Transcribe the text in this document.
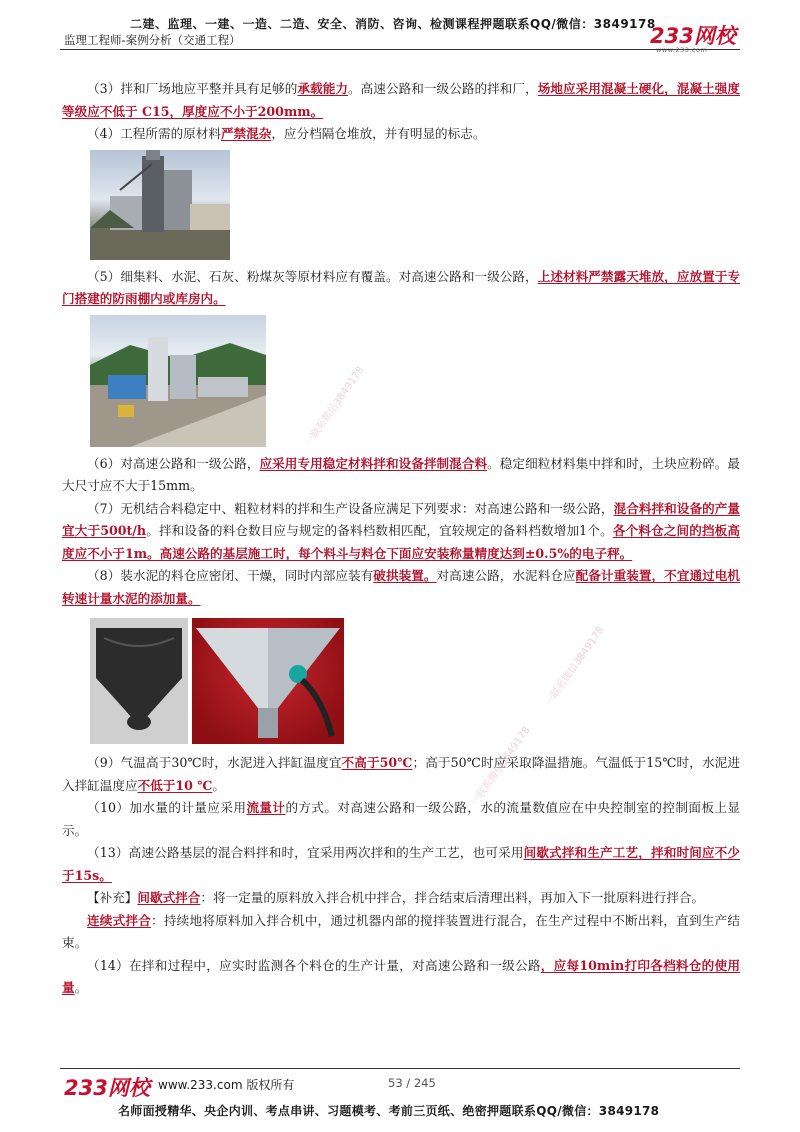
二建、监理、一建、一造、二造、安全、消防、咨询、检测课程押题联系QQ/微信：3849178
监理工程师-案例分析（交通工程）	233网校
www.233.com
一联系微信3849178
一联系微信3849178
一联系微信3849178

（3）拌和厂场地应平整并具有足够的承载能力。高速公路和一级公路的拌和厂，场地应采用混凝土硬化，混凝土强度等级应不低于 C15，厚度应不小于200mm。

（4）工程所需的原材料严禁混杂，应分档隔仓堆放，并有明显的标志。

（5）细集料、水泥、石灰、粉煤灰等原材料应有覆盖。对高速公路和一级公路，上述材料严禁露天堆放，应放置于专门搭建的防雨棚内或库房内。

（6）对高速公路和一级公路，应采用专用稳定材料拌和设备拌制混合料。稳定细粒材料集中拌和时，土块应粉碎。最大尺寸应不大于15mm。

（7）无机结合料稳定中、粗粒材料的拌和生产设备应满足下列要求：对高速公路和一级公路，混合料拌和设备的产量宜大于500t/h。拌和设备的料仓数目应与规定的备料档数相匹配，宜较规定的备料档数增加1个。各个料仓之间的挡板高度应不小于1m。高速公路的基层施工时，每个料斗与料仓下面应安装称量精度达到±0.5%的电子秤。

（8）装水泥的料仓应密闭、干燥，同时内部应装有破拱装置。对高速公路，水泥料仓应配备计重装置，不宜通过电机转速计量水泥的添加量。

（9）气温高于30℃时，水泥进入拌缸温度宜不高于50℃；高于50℃时应采取降温措施。气温低于15℃时，水泥进入拌缸温度应不低于10 ℃。

（10）加水量的计量应采用流量计的方式。对高速公路和一级公路，水的流量数值应在中央控制室的控制面板上显示。

（13）高速公路基层的混合料拌和时，宜采用两次拌和的生产工艺，也可采用间歇式拌和生产工艺，拌和时间应不少于15s。

【补充】间歇式拌合：将一定量的原料放入拌合机中拌合，拌合结束后清理出料，再加入下一批原料进行拌合。

连续式拌合：持续地将原料加入拌合机中，通过机器内部的搅拌装置进行混合，在生产过程中不断出料，直到生产结束。

（14）在拌和过程中，应实时监测各个料仓的生产计量，对高速公路和一级公路，应每10min打印各档料仓的使用量。

233网校 www.233.com 版权所有	53 / 245
名师面授精华、央企内训、考点串讲、习题模考、考前三页纸、绝密押题联系QQ/微信：3849178
